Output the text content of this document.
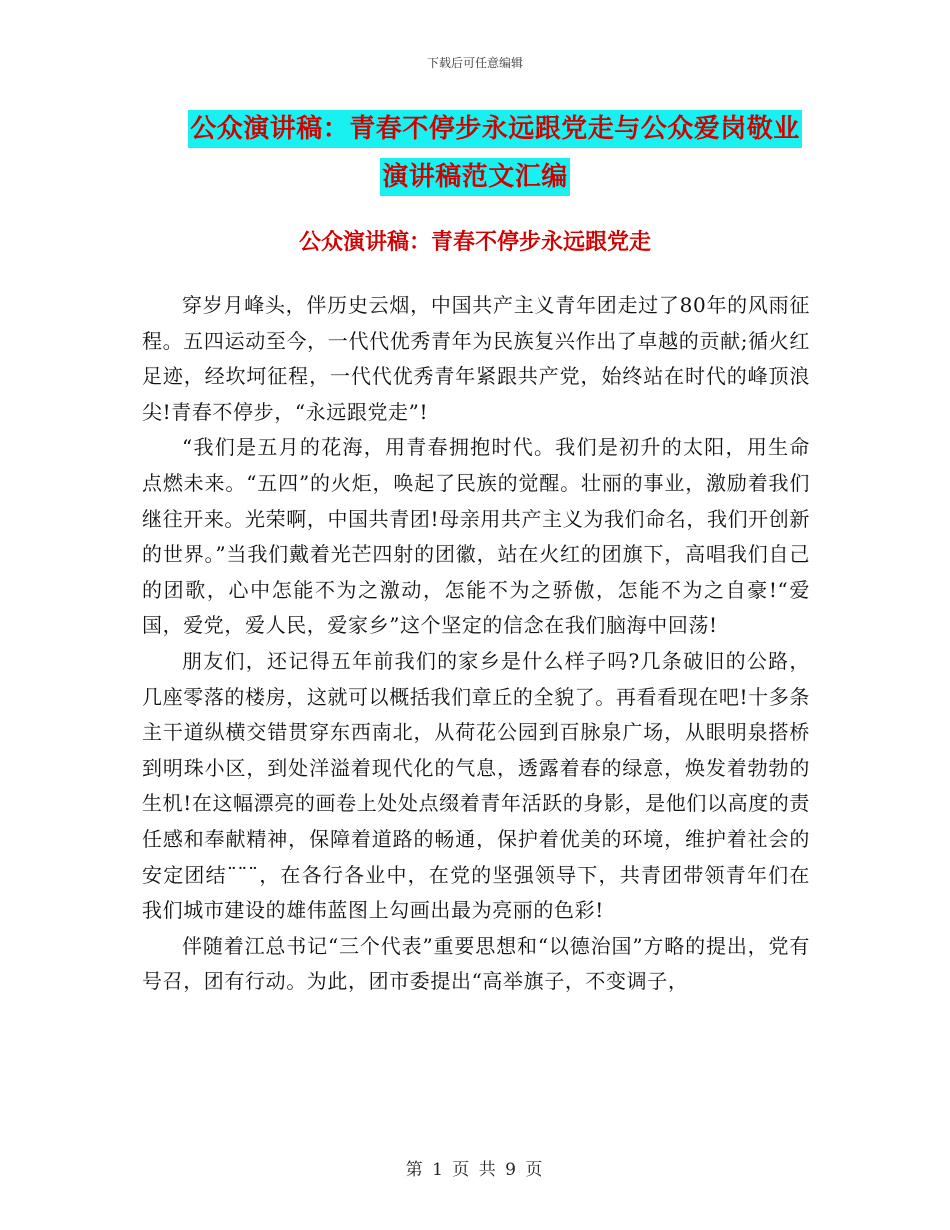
下载后可任意编辑
公众演讲稿：青春不停步永远跟党走与公众爱岗敬业
演讲稿范文汇编
公众演讲稿：青春不停步永远跟党走

穿岁月峰头，伴历史云烟，中国共产主义青年团走过了80年的风雨征程。五四运动至今，一代代优秀青年为民族复兴作出了卓越的贡献;循火红足迹，经坎坷征程，一代代优秀青年紧跟共产党，始终站在时代的峰顶浪尖!青春不停步，“永远跟党走”!

“我们是五月的花海，用青春拥抱时代。我们是初升的太阳，用生命点燃未来。“五四”的火炬，唤起了民族的觉醒。壮丽的事业，激励着我们继往开来。光荣啊，中国共青团!母亲用共产主义为我们命名，我们开创新的世界。”当我们戴着光芒四射的团徽，站在火红的团旗下，高唱我们自己的团歌，心中怎能不为之激动，怎能不为之骄傲，怎能不为之自豪!“爱国，爱党，爱人民，爱家乡”这个坚定的信念在我们脑海中回荡!

朋友们，还记得五年前我们的家乡是什么样子吗?几条破旧的公路，几座零落的楼房，这就可以概括我们章丘的全貌了。再看看现在吧!十多条主干道纵横交错贯穿东西南北，从荷花公园到百脉泉广场，从眼明泉搭桥到明珠小区，到处洋溢着现代化的气息，透露着春的绿意，焕发着勃勃的生机!在这幅漂亮的画卷上处处点缀着青年活跃的身影，是他们以高度的责任感和奉献精神，保障着道路的畅通，保护着优美的环境，维护着社会的安定团结¨¨¨，在各行各业中，在党的坚强领导下，共青团带领青年们在我们城市建设的雄伟蓝图上勾画出最为亮丽的色彩!

伴随着江总书记“三个代表”重要思想和“以德治国”方略的提出，党有号召，团有行动。为此，团市委提出“高举旗子，不变调子，

第 1 页 共 9 页
